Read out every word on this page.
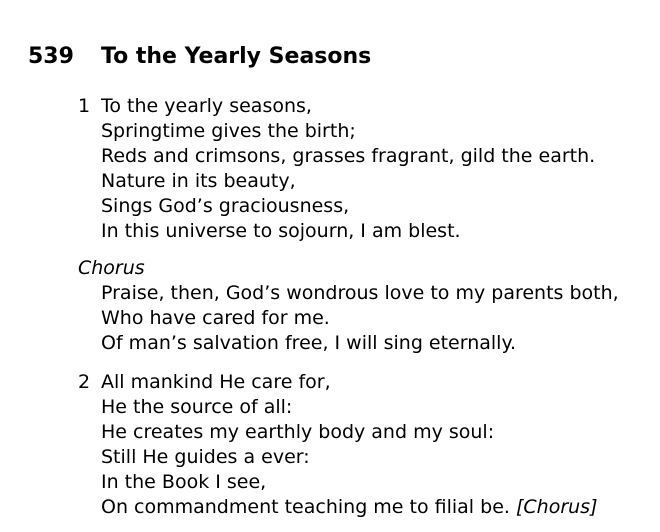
539 To the Yearly Seasons
1 To the yearly seasons,
Springtime gives the birth;
Reds and crimsons, grasses fragrant, gild the earth.
Nature in its beauty,
Sings God’s graciousness,
In this universe to sojourn, I am blest.
Chorus
Praise, then, God’s wondrous love to my parents both,
Who have cared for me.
Of man’s salvation free, I will sing eternally.
2 All mankind He care for,
He the source of all:
He creates my earthly body and my soul:
Still He guides a ever:
In the Book I see,
On commandment teaching me to filial be. [Chorus]
